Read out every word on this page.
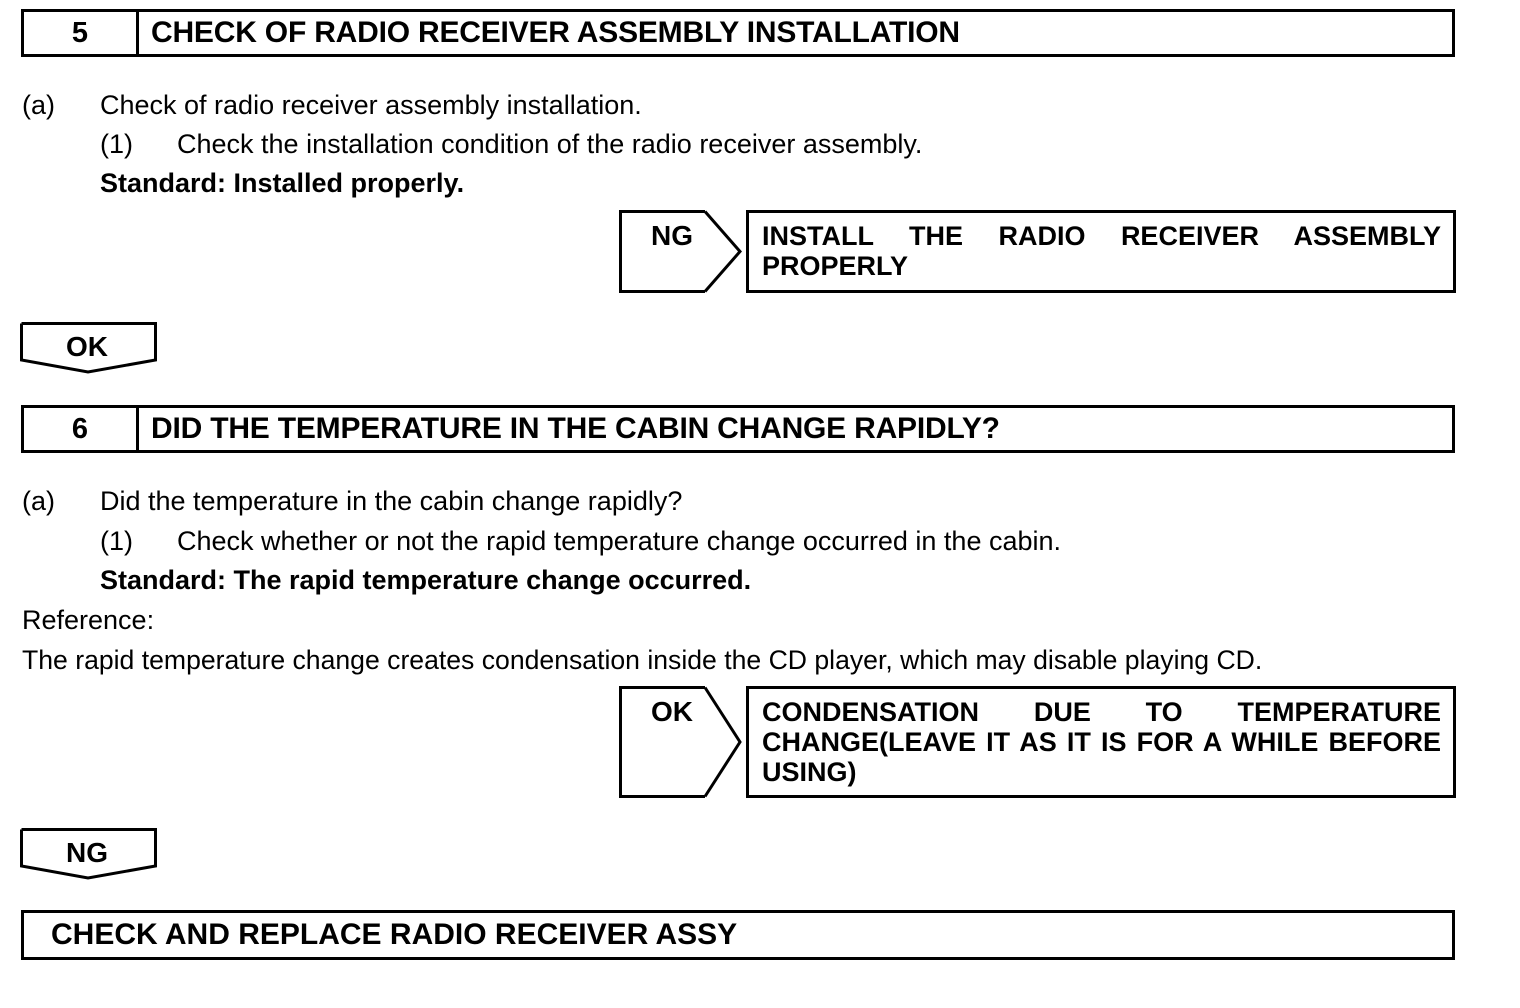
5	CHECK OF RADIO RECEIVER ASSEMBLY INSTALLATION
(a) Check of radio receiver assembly installation.
(1) Check the installation condition of the radio receiver assembly.
Standard: Installed properly.
NG	INSTALL THE RADIO RECEIVER ASSEMBLY PROPERLY
OK
6	DID THE TEMPERATURE IN THE CABIN CHANGE RAPIDLY?
(a) Did the temperature in the cabin change rapidly?
(1) Check whether or not the rapid temperature change occurred in the cabin.
Standard: The rapid temperature change occurred.
Reference:
The rapid temperature change creates condensation inside the CD player, which may disable playing CD.
OK	CONDENSATION DUE TO TEMPERATURE CHANGE(LEAVE IT AS IT IS FOR A WHILE BEFORE USING)
NG
CHECK AND REPLACE RADIO RECEIVER ASSY
